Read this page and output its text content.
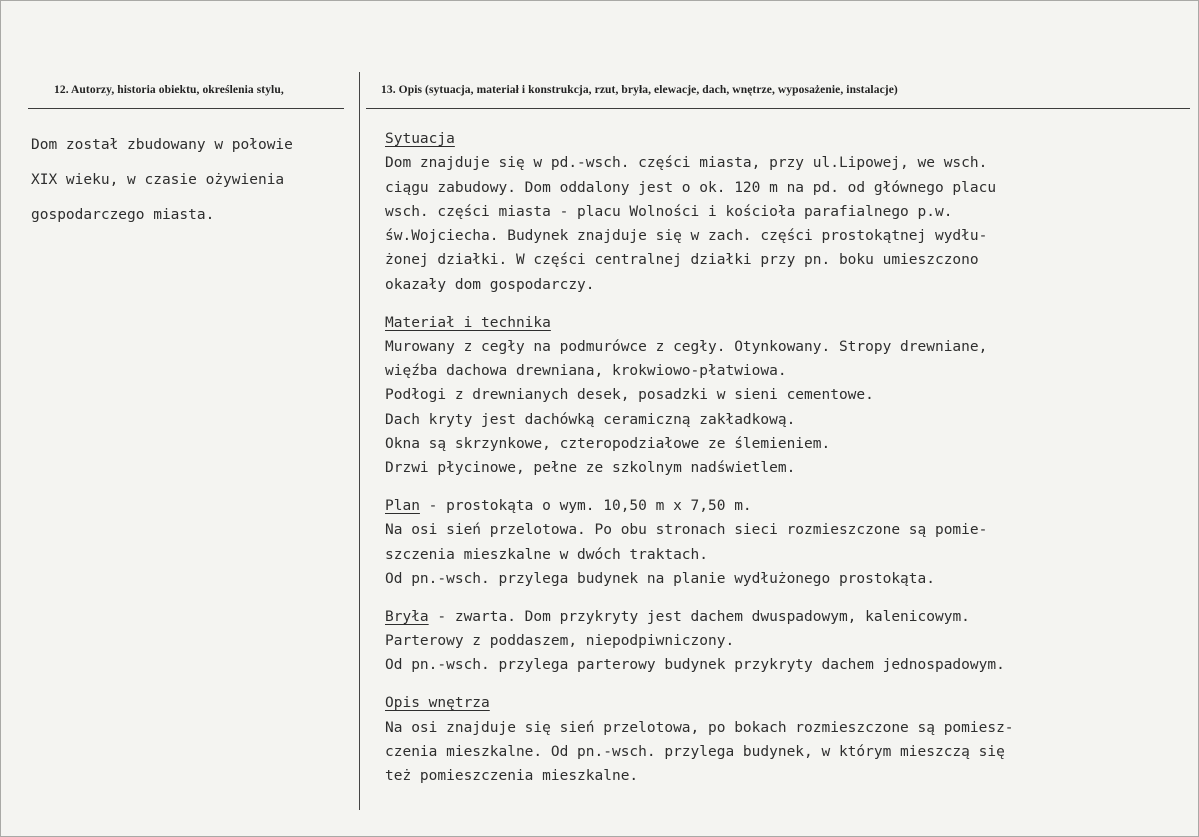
12. Autorzy, historia obiektu, określenia stylu,	13. Opis (sytuacja, materiał i konstrukcja, rzut, bryła, elewacje, dach, wnętrze, wyposażenie, instalacje)

Dom został zbudowany w połowie

XIX wieku, w czasie ożywienia

gospodarczego miasta.

Sytuacja

Dom znajduje się w pd.-wsch. części miasta, przy ul.Lipowej, we wsch.

ciągu zabudowy. Dom oddalony jest o ok. 120 m na pd. od głównego placu

wsch. części miasta - placu Wolności i kościoła parafialnego p.w.

św.Wojciecha. Budynek znajduje się w zach. części prostokątnej wydłu-

żonej działki. W części centralnej działki przy pn. boku umieszczono

okazały dom gospodarczy.

Materiał i technika

Murowany z cegły na podmurówce z cegły. Otynkowany. Stropy drewniane,

więźba dachowa drewniana, krokwiowo-płatwiowa.

Podłogi z drewnianych desek, posadzki w sieni cementowe.

Dach kryty jest dachówką ceramiczną zakładkową.

Okna są skrzynkowe, czteropodziałowe ze ślemieniem.

Drzwi płycinowe, pełne ze szkolnym nadświetlem.

Plan - prostokąta o wym. 10,50 m x 7,50 m.

Na osi sień przelotowa. Po obu stronach sieci rozmieszczone są pomie-

szczenia mieszkalne w dwóch traktach.

Od pn.-wsch. przylega budynek na planie wydłużonego prostokąta.

Bryła - zwarta. Dom przykryty jest dachem dwuspadowym, kalenicowym.

Parterowy z poddaszem, niepodpiwniczony.

Od pn.-wsch. przylega parterowy budynek przykryty dachem jednospadowym.

Opis wnętrza

Na osi znajduje się sień przelotowa, po bokach rozmieszczone są pomiesz-

czenia mieszkalne. Od pn.-wsch. przylega budynek, w którym mieszczą się

też pomieszczenia mieszkalne.
